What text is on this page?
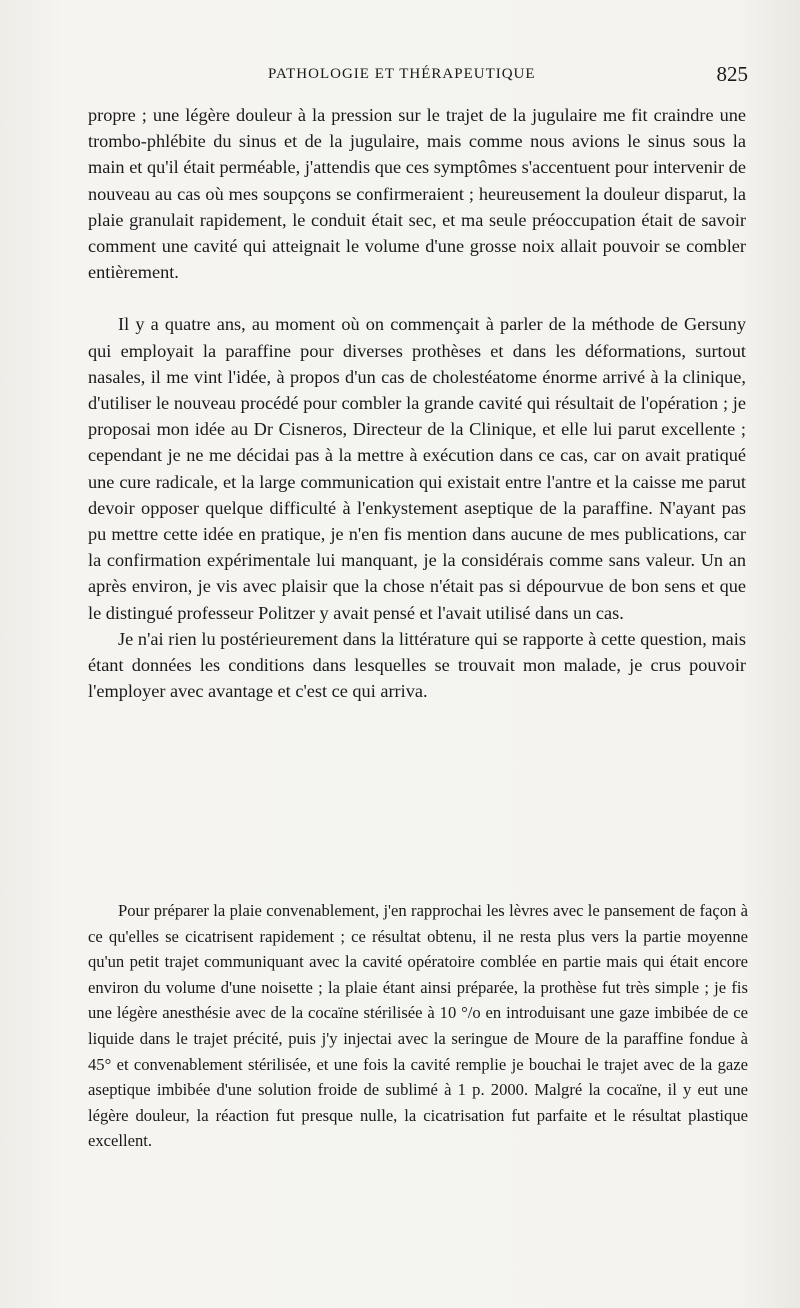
PATHOLOGIE ET THÉRAPEUTIQUE	825

propre ; une légère douleur à la pression sur le trajet de la jugulaire me fit craindre une trombo-phlébite du sinus et de la jugulaire, mais comme nous avions le sinus sous la main et qu'il était perméable, j'attendis que ces symptômes s'accentuent pour intervenir de nouveau au cas où mes soupçons se confirmeraient ; heureusement la douleur disparut, la plaie granulait rapidement, le conduit était sec, et ma seule préoccupation était de savoir comment une cavité qui atteignait le volume d'une grosse noix allait pouvoir se combler entièrement.

Il y a quatre ans, au moment où on commençait à parler de la méthode de Gersuny qui employait la paraffine pour diverses prothèses et dans les déformations, surtout nasales, il me vint l'idée, à propos d'un cas de cholestéatome énorme arrivé à la clinique, d'utiliser le nouveau procédé pour combler la grande cavité qui résultait de l'opération ; je proposai mon idée au Dr Cisneros, Directeur de la Clinique, et elle lui parut excellente ; cependant je ne me décidai pas à la mettre à exécution dans ce cas, car on avait pratiqué une cure radicale, et la large communication qui existait entre l'antre et la caisse me parut devoir opposer quelque difficulté à l'enkystement aseptique de la paraffine. N'ayant pas pu mettre cette idée en pratique, je n'en fis mention dans aucune de mes publications, car la confirmation expérimentale lui manquant, je la considérais comme sans valeur. Un an après environ, je vis avec plaisir que la chose n'était pas si dépourvue de bon sens et que le distingué professeur Politzer y avait pensé et l'avait utilisé dans un cas.

Je n'ai rien lu postérieurement dans la littérature qui se rapporte à cette question, mais étant données les conditions dans lesquelles se trouvait mon malade, je crus pouvoir l'employer avec avantage et c'est ce qui arriva.

Pour préparer la plaie convenablement, j'en rapprochai les lèvres avec le pansement de façon à ce qu'elles se cicatrisent rapidement ; ce résultat obtenu, il ne resta plus vers la partie moyenne qu'un petit trajet communiquant avec la cavité opératoire comblée en partie mais qui était encore environ du volume d'une noisette ; la plaie étant ainsi préparée, la prothèse fut très simple ; je fis une légère anesthésie avec de la cocaïne stérilisée à 10 °/o en introduisant une gaze imbibée de ce liquide dans le trajet précité, puis j'y injectai avec la seringue de Moure de la paraffine fondue à 45° et convenablement stérilisée, et une fois la cavité remplie je bouchai le trajet avec de la gaze aseptique imbibée d'une solution froide de sublimé à 1 p. 2000. Malgré la cocaïne, il y eut une légère douleur, la réaction fut presque nulle, la cicatrisation fut parfaite et le résultat plastique excellent.
